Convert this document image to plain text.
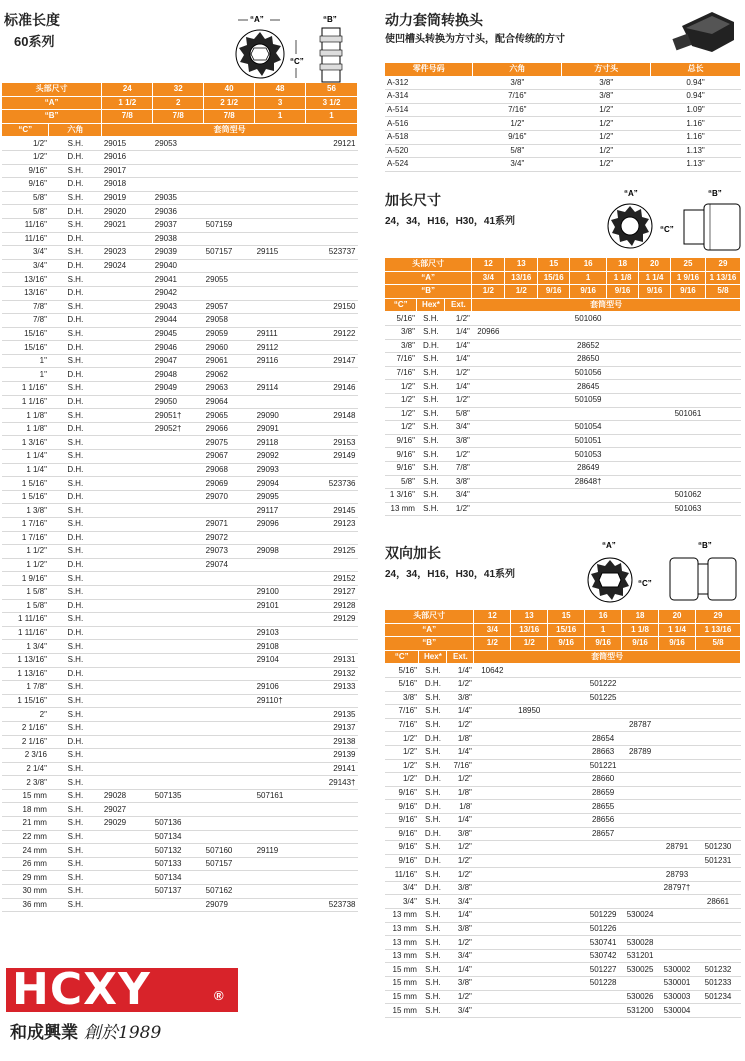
标准长度
60系列
“A”
“C”
“B”
头部尺寸		24	32	40	48	56
“A”		1 1/2	2	2 1/2	3	3 1/2
“B”		7/8	7/8	7/8	1	1
“C”	六角	套筒型号				
1/2"	S.H.	29015	29053			29121
1/2"	D.H.	29016				
9/16"	S.H.	29017				
9/16"	D.H.	29018				
5/8"	S.H.	29019	29035			
5/8"	D.H.	29020	29036			
11/16"	S.H.	29021	29037	507159		
11/16"	D.H.		29038			
3/4"	S.H.	29023	29039	507157	29115	523737
3/4"	D.H.	29024	29040			
13/16"	S.H.		29041	29055		
13/16"	D.H.		29042			
7/8"	S.H.		29043	29057		29150
7/8"	D.H.		29044	29058		
15/16"	S.H.		29045	29059	29111	29122
15/16"	D.H.		29046	29060	29112	
1"	S.H.		29047	29061	29116	29147
1"	D.H.		29048	29062		
1 1/16"	S.H.		29049	29063	29114	29146
1 1/16"	D.H.		29050	29064		
1 1/8"	S.H.		29051†	29065	29090	29148
1 1/8"	D.H.		29052†	29066	29091	
1 3/16"	S.H.			29075	29118	29153
1 1/4"	S.H.			29067	29092	29149
1 1/4"	D.H.			29068	29093	
1 5/16"	S.H.			29069	29094	523736
1 5/16"	D.H.			29070	29095	
1 3/8"	S.H.				29117	29145
1 7/16"	S.H.			29071	29096	29123
1 7/16"	D.H.			29072		
1 1/2"	S.H.			29073	29098	29125
1 1/2"	D.H.			29074		
1 9/16"	S.H.					29152
1 5/8"	S.H.				29100	29127
1 5/8"	D.H.				29101	29128
1 11/16"	S.H.					29129
1 11/16"	D.H.				29103	
1 3/4"	S.H.				29108	
1 13/16"	S.H.				29104	29131
1 13/16"	D.H.					29132
1 7/8"	S.H.				29106	29133
1 15/16"	S.H.				29110†	
2"	S.H.					29135
2 1/16"	S.H.					29137
2 1/16"	D.H.					29138
2 3/16	S.H.					29139
2 1/4"	S.H.					29141
2 3/8"	S.H.					29143†
15 mm	S.H.	29028	507135		507161	
18 mm	S.H.	29027				
21 mm	S.H.	29029	507136			
22 mm	S.H.		507134			
24 mm	S.H.		507132	507160	29119	
26 mm	S.H.		507133	507157		
29 mm	S.H.		507134			
30 mm	S.H.		507137	507162		
36 mm	S.H.			29079		523738
动力套筒转换头
使凹槽头转换为方寸头，配合传统的方寸
零件号码	六角	方寸头	总长
A-312	3/8"	3/8"	0.94"
A-314	7/16"	3/8"	0.94"
A-514	7/16"	1/2"	1.09"
A-516	1/2"	1/2"	1.16"
A-518	9/16"	1/2"	1.16"
A-520	5/8"	1/2"	1.13"
A-524	3/4"	1/2"	1.13"
加长尺寸
24，34，H16，H30，41系列
“A”
“C”
“B”
头部尺寸			12	13	15	16	18	20	25	29
“A”			3/4	13/16	15/16	1	1 1/8	1 1/4	1 9/16	1 13/16
“B”			1/2	1/2	9/16	9/16	9/16	9/16	9/16	5/8
“C”	Hex*	Ext.	套筒型号							
5/16"	S.H.	1/2"				501060				
3/8"	S.H.	1/4"	20966							
3/8"	D.H.	1/4"				28652				
7/16"	S.H.	1/4"				28650				
7/16"	S.H.	1/2"				501056				
1/2"	S.H.	1/4"				28645				
1/2"	S.H.	1/2"				501059				
1/2"	S.H.	5/8"							501061	
1/2"	S.H.	3/4"				501054				
9/16"	S.H.	3/8"				501051				
9/16"	S.H.	1/2"				501053				
9/16"	S.H.	7/8"				28649				
5/8"	S.H.	3/8"				28648†				
1 3/16"	S.H.	3/4"							501062	
13 mm	S.H.	1/2"							501063	
双向加长
24，34，H16，H30，41系列
“A”
“C”
“B”
头部尺寸			12	13	15	16	18	20	29
“A”			3/4	13/16	15/16	1	1 1/8	1 1/4	1 13/16
“B”			1/2	1/2	9/16	9/16	9/16	9/16	5/8
“C”	Hex*	Ext.	套筒型号						
5/16"	S.H.	1/4"	10642						
5/16"	D.H.	1/2"				501222			
3/8"	S.H.	3/8"				501225			
7/16"	S.H.	1/4"		18950					
7/16"	S.H.	1/2"					28787		
1/2"	D.H.	1/8"				28654			
1/2"	S.H.	1/4"				28663	28789		
1/2"	S.H.	7/16"				501221			
1/2"	D.H.	1/2"				28660			
9/16"	S.H.	1/8"				28659			
9/16"	D.H.	1/8'				28655			
9/16"	S.H.	1/4"				28656			
9/16"	D.H.	3/8"				28657			
9/16"	S.H.	1/2"						28791	501230
9/16"	D.H.	1/2"							501231
11/16"	S.H.	1/2"						28793	
3/4"	D.H.	3/8"						28797†	
3/4"	S.H.	3/4"							28661
13 mm	S.H.	1/4"				501229	530024		
13 mm	S.H.	3/8"				501226			
13 mm	S.H.	1/2"				530741	530028		
13 mm	S.H.	3/4"				530742	531201		
15 mm	S.H.	1/4"				501227	530025	530002	501232
15 mm	S.H.	3/8"				501228		530001	501233
15 mm	S.H.	1/2"					530026	530003	501234
15 mm	S.H.	3/4"					531200	530004	
HCXY	®
和成興業 創於1989
